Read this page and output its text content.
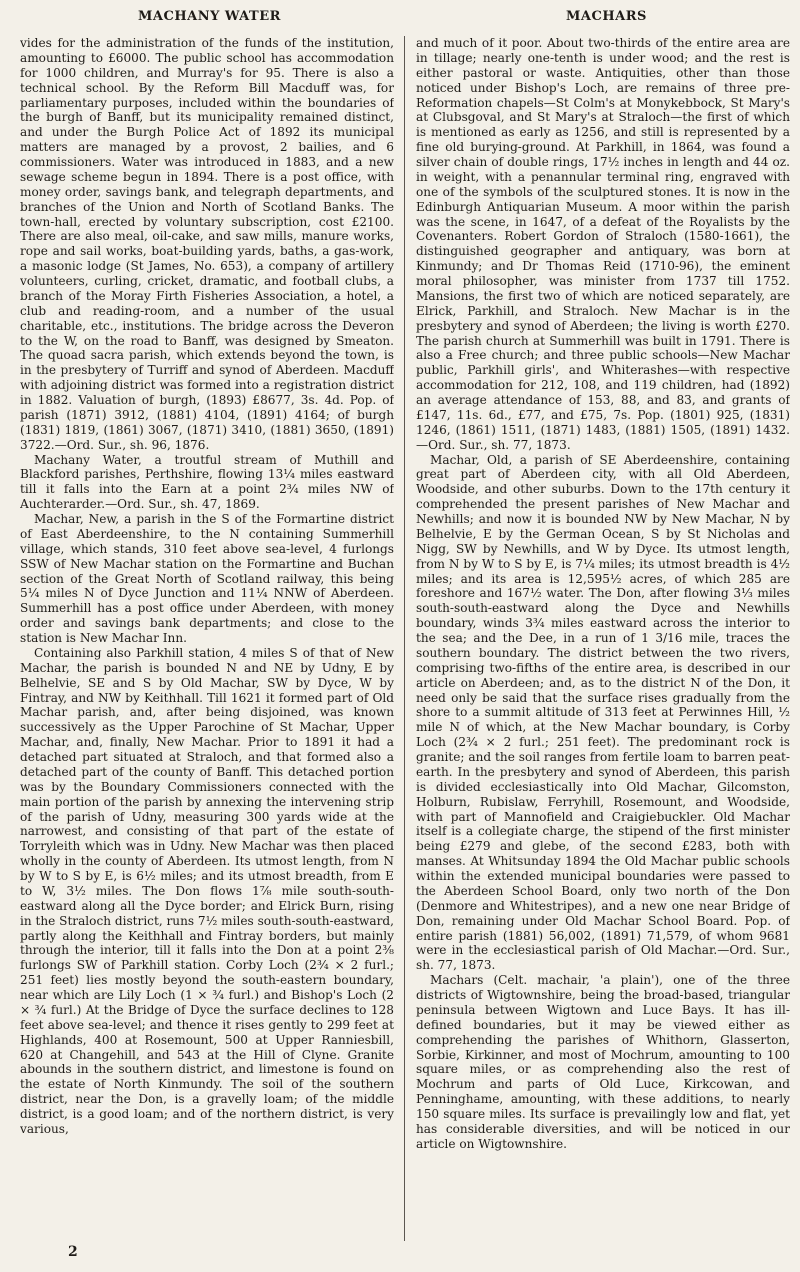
MACHANY WATER	MACHARS

vides for the administration of the funds of the institution, amounting to £6000. The public school has accommodation for 1000 children, and Murray's for 95. There is also a technical school. By the Reform Bill Macduff was, for parliamentary purposes, included within the boundaries of the burgh of Banff, but its municipality remained distinct, and under the Burgh Police Act of 1892 its municipal matters are managed by a provost, 2 bailies, and 6 commissioners. Water was introduced in 1883, and a new sewage scheme begun in 1894. There is a post office, with money order, savings bank, and telegraph departments, and branches of the Union and North of Scotland Banks. The town-hall, erected by voluntary subscription, cost £2100. There are also meal, oil-cake, and saw mills, manure works, rope and sail works, boat-building yards, baths, a gas-work, a masonic lodge (St James, No. 653), a company of artillery volunteers, curling, cricket, dramatic, and football clubs, a branch of the Moray Firth Fisheries Association, a hotel, a club and reading-room, and a number of the usual charitable, etc., institutions. The bridge across the Deveron to the W, on the road to Banff, was designed by Smeaton. The quoad sacra parish, which extends beyond the town, is in the presbytery of Turriff and synod of Aberdeen. Macduff with adjoining district was formed into a registration district in 1882. Valuation of burgh, (1893) £8677, 3s. 4d. Pop. of parish (1871) 3912, (1881) 4104, (1891) 4164; of burgh (1831) 1819, (1861) 3067, (1871) 3410, (1881) 3650, (1891) 3722.—Ord. Sur., sh. 96, 1876.

Machany Water, a troutful stream of Muthill and Blackford parishes, Perthshire, flowing 13¼ miles eastward till it falls into the Earn at a point 2¾ miles NW of Auchterarder.—Ord. Sur., sh. 47, 1869.

Machar, New, a parish in the S of the Formartine district of East Aberdeenshire, to the N containing Summerhill village, which stands, 310 feet above sea-level, 4 furlongs SSW of New Machar station on the Formartine and Buchan section of the Great North of Scotland railway, this being 5¼ miles N of Dyce Junction and 11¼ NNW of Aberdeen. Summerhill has a post office under Aberdeen, with money order and savings bank departments; and close to the station is New Machar Inn.

Containing also Parkhill station, 4 miles S of that of New Machar, the parish is bounded N and NE by Udny, E by Belhelvie, SE and S by Old Machar, SW by Dyce, W by Fintray, and NW by Keithhall. Till 1621 it formed part of Old Machar parish, and, after being disjoined, was known successively as the Upper Parochine of St Machar, Upper Machar, and, finally, New Machar. Prior to 1891 it had a detached part situated at Straloch, and that formed also a detached part of the county of Banff. This detached portion was by the Boundary Commissioners connected with the main portion of the parish by annexing the intervening strip of the parish of Udny, measuring 300 yards wide at the narrowest, and consisting of that part of the estate of Torryleith which was in Udny. New Machar was then placed wholly in the county of Aberdeen. Its utmost length, from N by W to S by E, is 6½ miles; and its utmost breadth, from E to W, 3½ miles. The Don flows 1⅞ mile south-south-eastward along all the Dyce border; and Elrick Burn, rising in the Straloch district, runs 7½ miles south-south-eastward, partly along the Keithhall and Fintray borders, but mainly through the interior, till it falls into the Don at a point 2⅜ furlongs SW of Parkhill station. Corby Loch (2¾ × 2 furl.; 251 feet) lies mostly beyond the south-eastern boundary, near which are Lily Loch (1 × ¾ furl.) and Bishop's Loch (2 × ¾ furl.) At the Bridge of Dyce the surface declines to 128 feet above sea-level; and thence it rises gently to 299 feet at Highlands, 400 at Rosemount, 500 at Upper Ranniesbill, 620 at Changehill, and 543 at the Hill of Clyne. Granite abounds in the southern district, and limestone is found on the estate of North Kinmundy. The soil of the southern district, near the Don, is a gravelly loam; of the middle district, is a good loam; and of the northern district, is very various,

and much of it poor. About two-thirds of the entire area are in tillage; nearly one-tenth is under wood; and the rest is either pastoral or waste. Antiquities, other than those noticed under Bishop's Loch, are remains of three pre-Reformation chapels—St Colm's at Monykebbock, St Mary's at Clubsgoval, and St Mary's at Straloch—the first of which is mentioned as early as 1256, and still is represented by a fine old burying-ground. At Parkhill, in 1864, was found a silver chain of double rings, 17½ inches in length and 44 oz. in weight, with a penannular terminal ring, engraved with one of the symbols of the sculptured stones. It is now in the Edinburgh Antiquarian Museum. A moor within the parish was the scene, in 1647, of a defeat of the Royalists by the Covenanters. Robert Gordon of Straloch (1580-1661), the distinguished geographer and antiquary, was born at Kinmundy; and Dr Thomas Reid (1710-96), the eminent moral philosopher, was minister from 1737 till 1752. Mansions, the first two of which are noticed separately, are Elrick, Parkhill, and Straloch. New Machar is in the presbytery and synod of Aberdeen; the living is worth £270. The parish church at Summerhill was built in 1791. There is also a Free church; and three public schools—New Machar public, Parkhill girls', and Whiterashes—with respective accommodation for 212, 108, and 119 children, had (1892) an average attendance of 153, 88, and 83, and grants of £147, 11s. 6d., £77, and £75, 7s. Pop. (1801) 925, (1831) 1246, (1861) 1511, (1871) 1483, (1881) 1505, (1891) 1432.—Ord. Sur., sh. 77, 1873.

Machar, Old, a parish of SE Aberdeenshire, containing great part of Aberdeen city, with all Old Aberdeen, Woodside, and other suburbs. Down to the 17th century it comprehended the present parishes of New Machar and Newhills; and now it is bounded NW by New Machar, N by Belhelvie, E by the German Ocean, S by St Nicholas and Nigg, SW by Newhills, and W by Dyce. Its utmost length, from N by W to S by E, is 7¼ miles; its utmost breadth is 4½ miles; and its area is 12,595½ acres, of which 285 are foreshore and 167½ water. The Don, after flowing 3⅓ miles south-south-eastward along the Dyce and Newhills boundary, winds 3¾ miles eastward across the interior to the sea; and the Dee, in a run of 1 3/16 mile, traces the southern boundary. The district between the two rivers, comprising two-fifths of the entire area, is described in our article on Aberdeen; and, as to the district N of the Don, it need only be said that the surface rises gradually from the shore to a summit altitude of 313 feet at Perwinnes Hill, ½ mile N of which, at the New Machar boundary, is Corby Loch (2¾ × 2 furl.; 251 feet). The predominant rock is granite; and the soil ranges from fertile loam to barren peat-earth. In the presbytery and synod of Aberdeen, this parish is divided ecclesiastically into Old Machar, Gilcomston, Holburn, Rubislaw, Ferryhill, Rosemount, and Woodside, with part of Mannofield and Craigiebuckler. Old Machar itself is a collegiate charge, the stipend of the first minister being £279 and glebe, of the second £283, both with manses. At Whitsunday 1894 the Old Machar public schools within the extended municipal boundaries were passed to the Aberdeen School Board, only two north of the Don (Denmore and Whitestripes), and a new one near Bridge of Don, remaining under Old Machar School Board. Pop. of entire parish (1881) 56,002, (1891) 71,579, of whom 9681 were in the ecclesiastical parish of Old Machar.—Ord. Sur., sh. 77, 1873.

Machars (Celt. machair, 'a plain'), one of the three districts of Wigtownshire, being the broad-based, triangular peninsula between Wigtown and Luce Bays. It has ill-defined boundaries, but it may be viewed either as comprehending the parishes of Whithorn, Glasserton, Sorbie, Kirkinner, and most of Mochrum, amounting to 100 square miles, or as comprehending also the rest of Mochrum and parts of Old Luce, Kirkcowan, and Penninghame, amounting, with these additions, to nearly 150 square miles. Its surface is prevailingly low and flat, yet has considerable diversities, and will be noticed in our article on Wigtownshire.

2
